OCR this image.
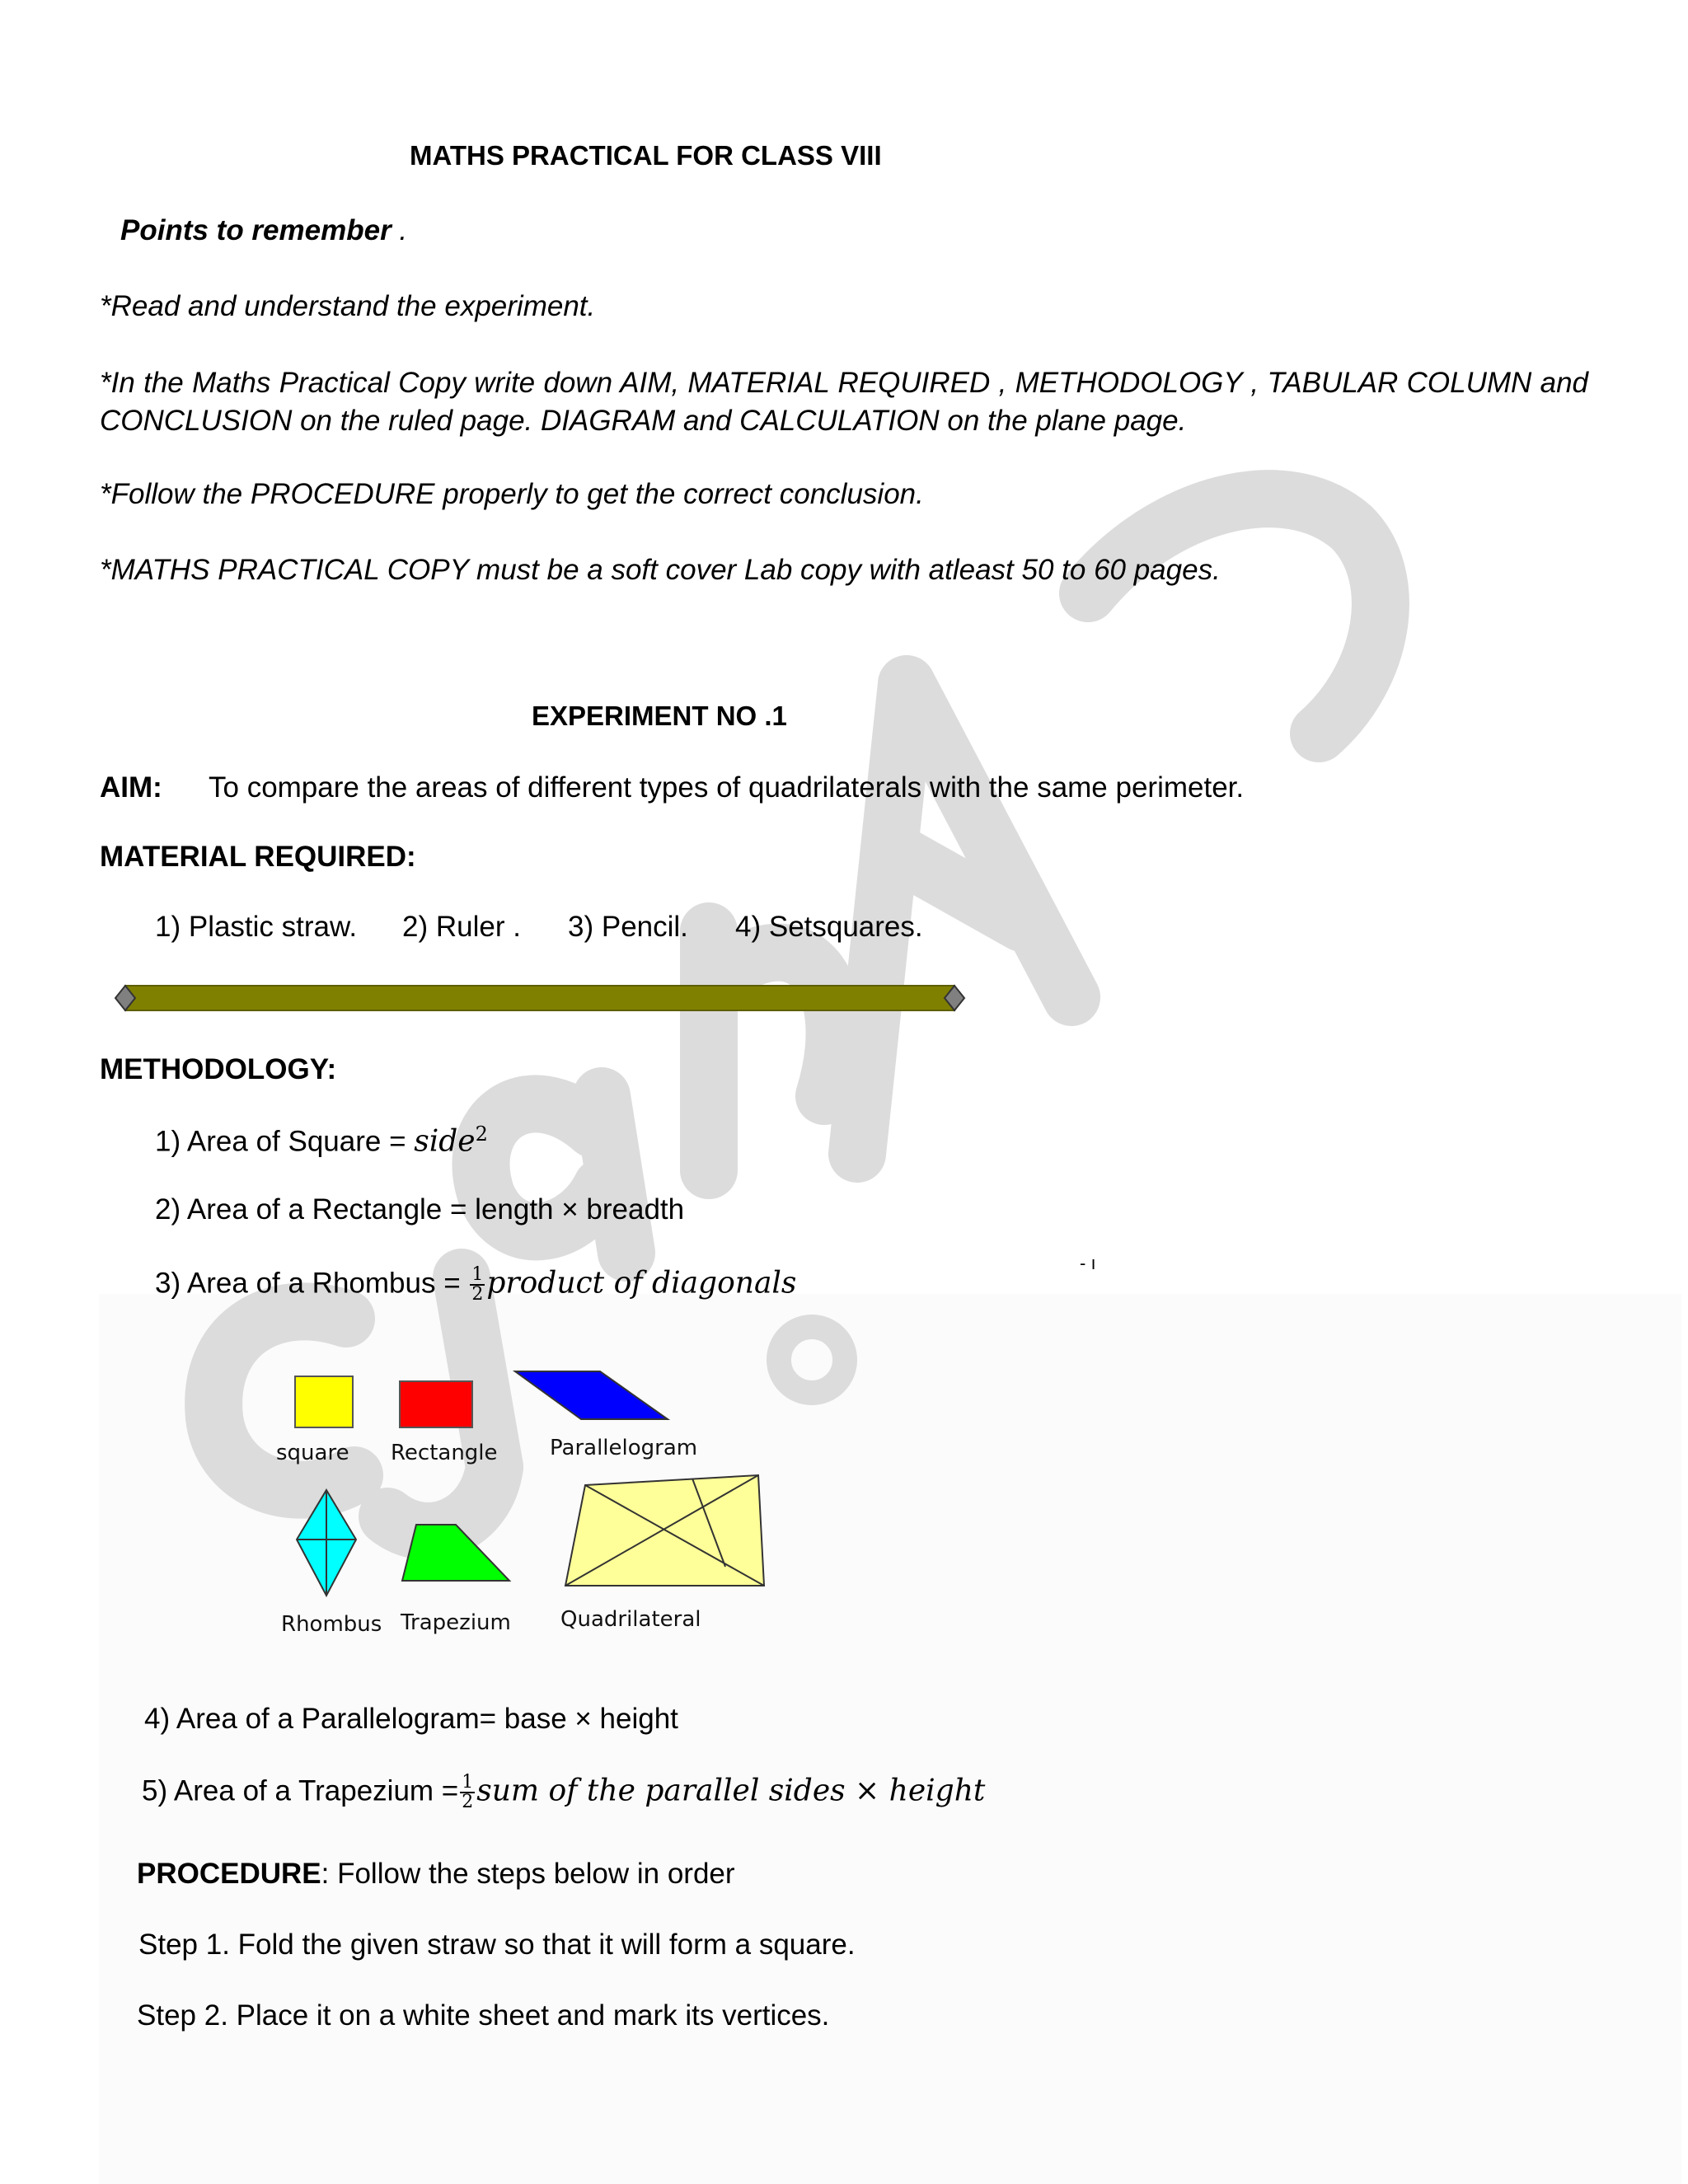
MATHS PRACTICAL FOR CLASS VIII
Points to remember .
*Read and understand the experiment.
*In the Maths Practical Copy write down AIM, MATERIAL REQUIRED , METHODOLOGY , TABULAR COLUMN and CONCLUSION on the ruled page. DIAGRAM and CALCULATION on the plane page.
*Follow the PROCEDURE properly to get the correct conclusion.
*MATHS PRACTICAL COPY must be a soft cover Lab copy with atleast 50 to 60 pages.
EXPERIMENT NO .1
AIM: To compare the areas of different types of quadrilaterals with the same perimeter.
MATERIAL REQUIRED:
1) Plastic straw. 2) Ruler . 3) Pencil. 4) Setsquares.
METHODOLOGY:
1) Area of Square = side$^2$
2) Area of a Rectangle = length × breadth
3) Area of a Rhombus = $\frac{1}{2}$ product of diagonals
- ı
square Rectangle Parallelogram
Rhombus Trapezium Quadrilateral
4) Area of a Parallelogram= base × height
5) Area of a Trapezium = $\frac{1}{2}$ sum of the parallel sides × height
PROCEDURE: Follow the steps below in order
Step 1. Fold the given straw so that it will form a square.
Step 2. Place it on a white sheet and mark its vertices.
